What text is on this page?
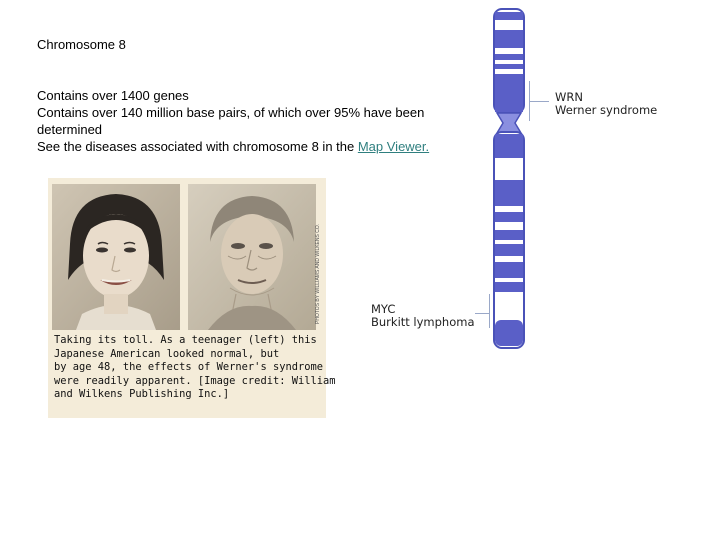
Chromosome 8
Contains over 1400 genes
Contains over 140 million base pairs, of which over 95% have been determined
See the diseases associated with chromosome 8 in the Map Viewer.
PHOTOS BY WILLIAMS AND WILKENS CO.
Taking its toll. As a teenager (left) this
Japanese American looked normal, but
by age 48, the effects of Werner's syndrome
were readily apparent. [Image credit: William
and Wilkens Publishing Inc.]
WRN
Werner syndrome
MYC
Burkitt lymphoma
